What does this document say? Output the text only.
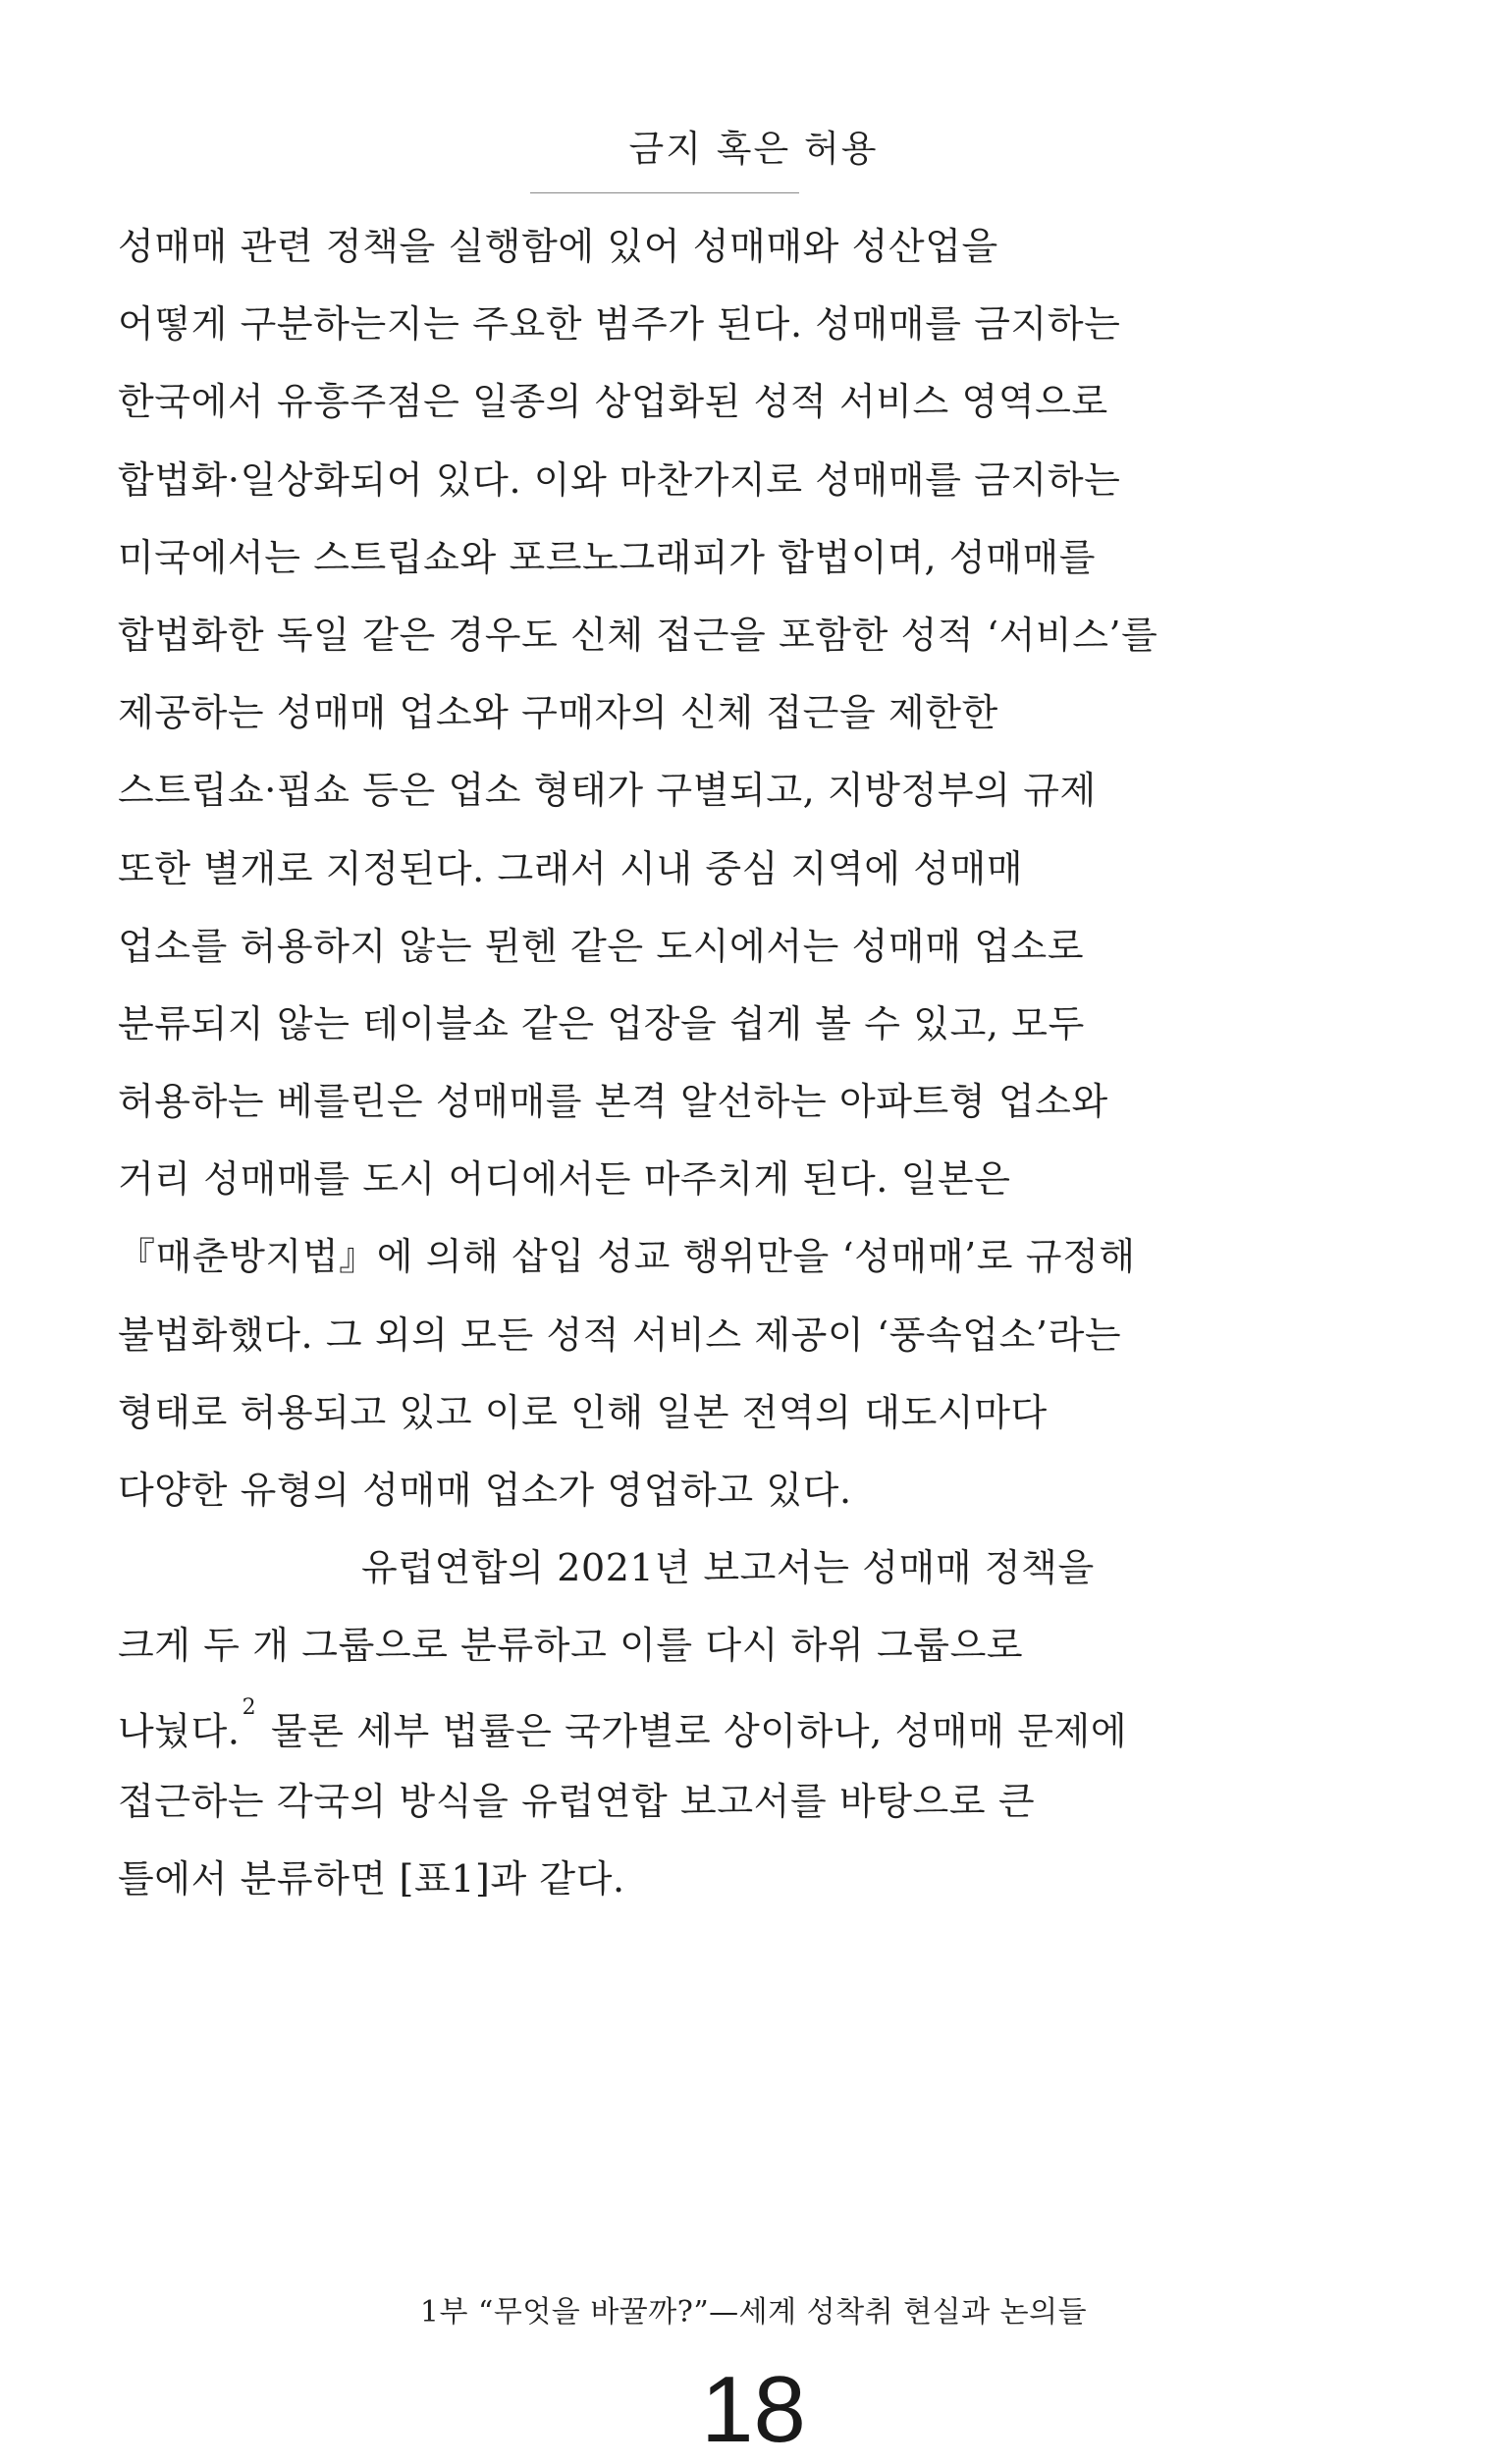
금지 혹은 허용
성매매 관련 정책을 실행함에 있어 성매매와 성산업을
어떻게 구분하는지는 주요한 범주가 된다. 성매매를 금지하는
한국에서 유흥주점은 일종의 상업화된 성적 서비스 영역으로
합법화·일상화되어 있다. 이와 마찬가지로 성매매를 금지하는
미국에서는 스트립쇼와 포르노그래피가 합법이며, 성매매를
합법화한 독일 같은 경우도 신체 접근을 포함한 성적 ‘서비스’를
제공하는 성매매 업소와 구매자의 신체 접근을 제한한
스트립쇼·핍쇼 등은 업소 형태가 구별되고, 지방정부의 규제
또한 별개로 지정된다. 그래서 시내 중심 지역에 성매매
업소를 허용하지 않는 뮌헨 같은 도시에서는 성매매 업소로
분류되지 않는 테이블쇼 같은 업장을 쉽게 볼 수 있고, 모두
허용하는 베를린은 성매매를 본격 알선하는 아파트형 업소와
거리 성매매를 도시 어디에서든 마주치게 된다. 일본은
『매춘방지법』에 의해 삽입 성교 행위만을 ‘성매매’로 규정해
불법화했다. 그 외의 모든 성적 서비스 제공이 ‘풍속업소’라는
형태로 허용되고 있고 이로 인해 일본 전역의 대도시마다
다양한 유형의 성매매 업소가 영업하고 있다.
유럽연합의 2021년 보고서는 성매매 정책을
크게 두 개 그룹으로 분류하고 이를 다시 하위 그룹으로
나눴다.$^2$ 물론 세부 법률은 국가별로 상이하나, 성매매 문제에
접근하는 각국의 방식을 유럽연합 보고서를 바탕으로 큰
틀에서 분류하면 [표1]과 같다.
1부 “무엇을 바꿀까?”—세계 성착취 현실과 논의들
18
